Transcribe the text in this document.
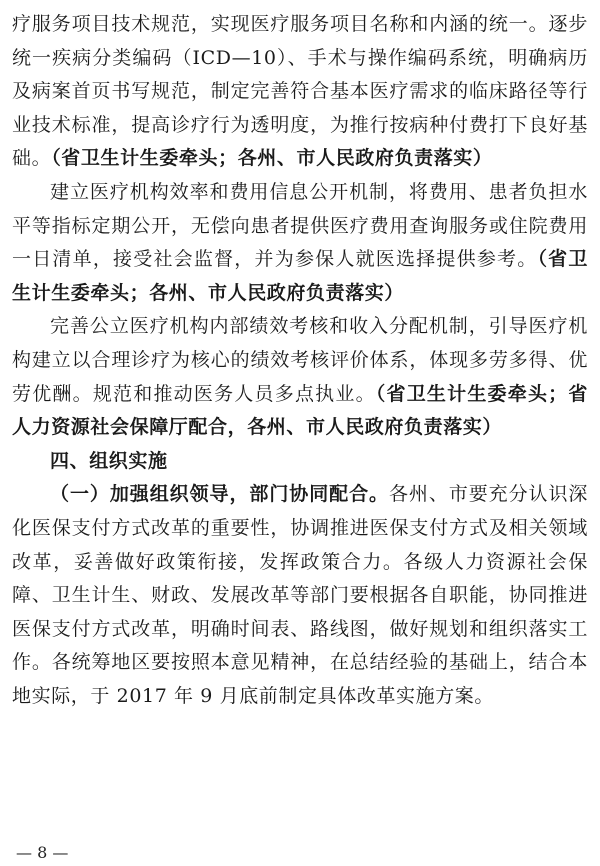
疗服务项目技术规范，实现医疗服务项目名称和内涵的统一。逐步统一疾病分类编码（ICD—10）、手术与操作编码系统，明确病历及病案首页书写规范，制定完善符合基本医疗需求的临床路径等行业技术标准，提高诊疗行为透明度，为推行按病种付费打下良好基础。（省卫生计生委牵头；各州、市人民政府负责落实）

建立医疗机构效率和费用信息公开机制，将费用、患者负担水平等指标定期公开，无偿向患者提供医疗费用查询服务或住院费用一日清单，接受社会监督，并为参保人就医选择提供参考。（省卫生计生委牵头；各州、市人民政府负责落实）

完善公立医疗机构内部绩效考核和收入分配机制，引导医疗机构建立以合理诊疗为核心的绩效考核评价体系，体现多劳多得、优劳优酬。规范和推动医务人员多点执业。（省卫生计生委牵头；省人力资源社会保障厅配合，各州、市人民政府负责落实）

四、组织实施

（一）加强组织领导，部门协同配合。各州、市要充分认识深化医保支付方式改革的重要性，协调推进医保支付方式及相关领域改革，妥善做好政策衔接，发挥政策合力。各级人力资源社会保障、卫生计生、财政、发展改革等部门要根据各自职能，协同推进医保支付方式改革，明确时间表、路线图，做好规划和组织落实工作。各统筹地区要按照本意见精神，在总结经验的基础上，结合本地实际，于 2017 年 9 月底前制定具体改革实施方案。

— 8 —
